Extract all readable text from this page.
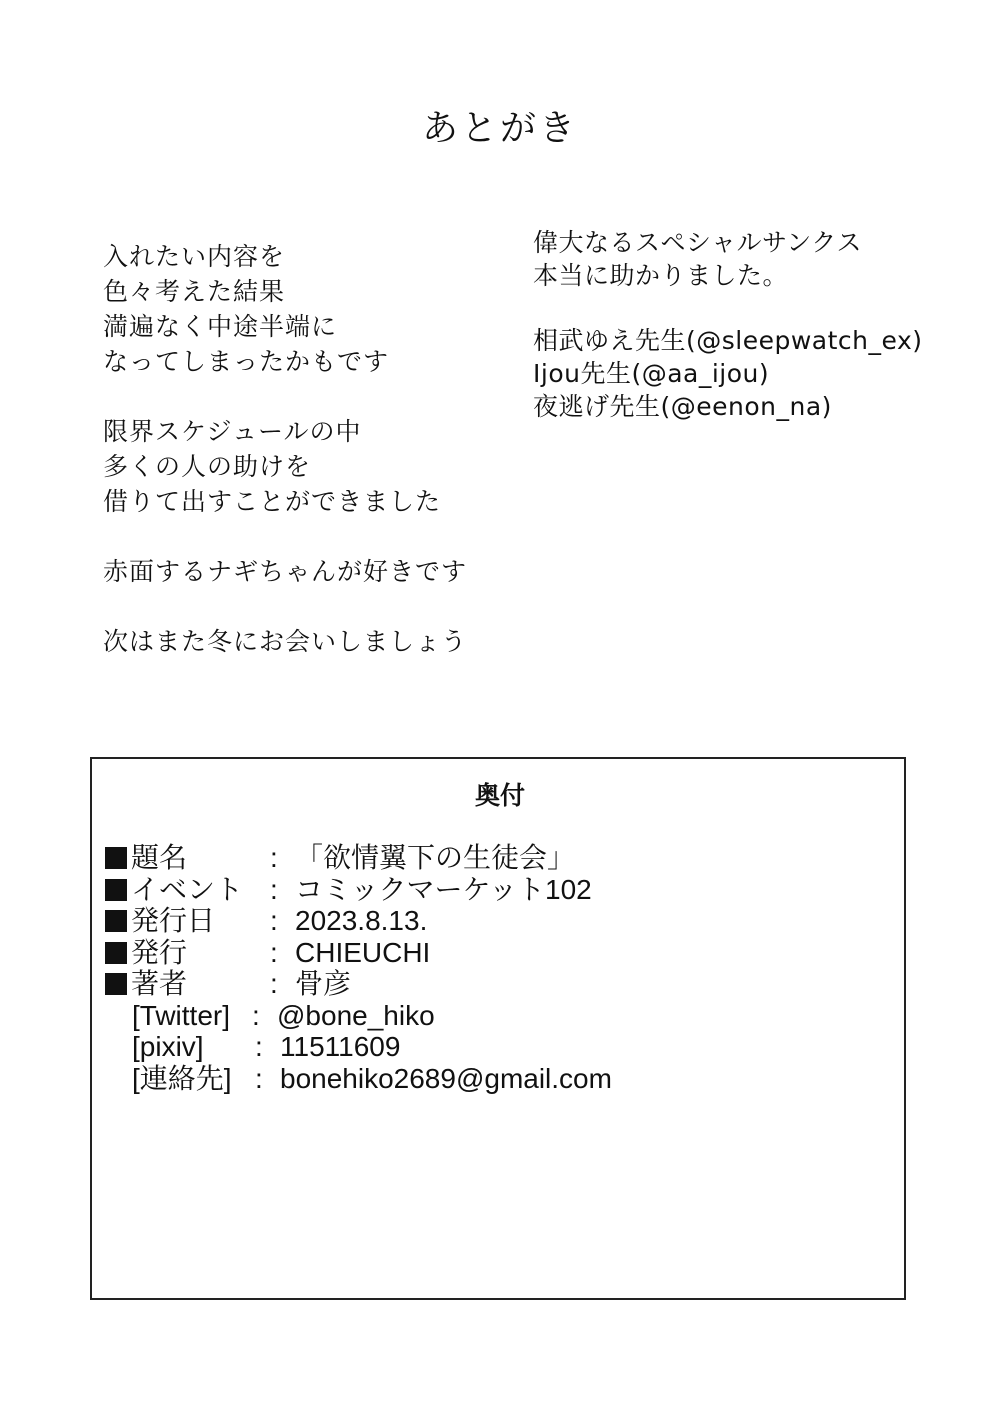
あとがき
入れたい内容を
色々考えた結果
満遍なく中途半端に
なってしまったかもです
限界スケジュールの中
多くの人の助けを
借りて出すことができました
赤面するナギちゃんが好きです
次はまた冬にお会いしましょう
偉大なるスペシャルサンクス
本当に助かりました。
相武ゆえ先生(@sleepwatch_ex)
Ijou先生(@aa_ijou)
夜逃げ先生(@eenon_na)
奥付
題名	: 「欲情翼下の生徒会」
イベント : コミックマーケット102
発行日 : 2023.8.13.
発行	: CHIEUCHI
著者	: 骨彦
[Twitter] : @bone_hiko
[pixiv] : 11511609
[連絡先] : bonehiko2689@gmail.com
